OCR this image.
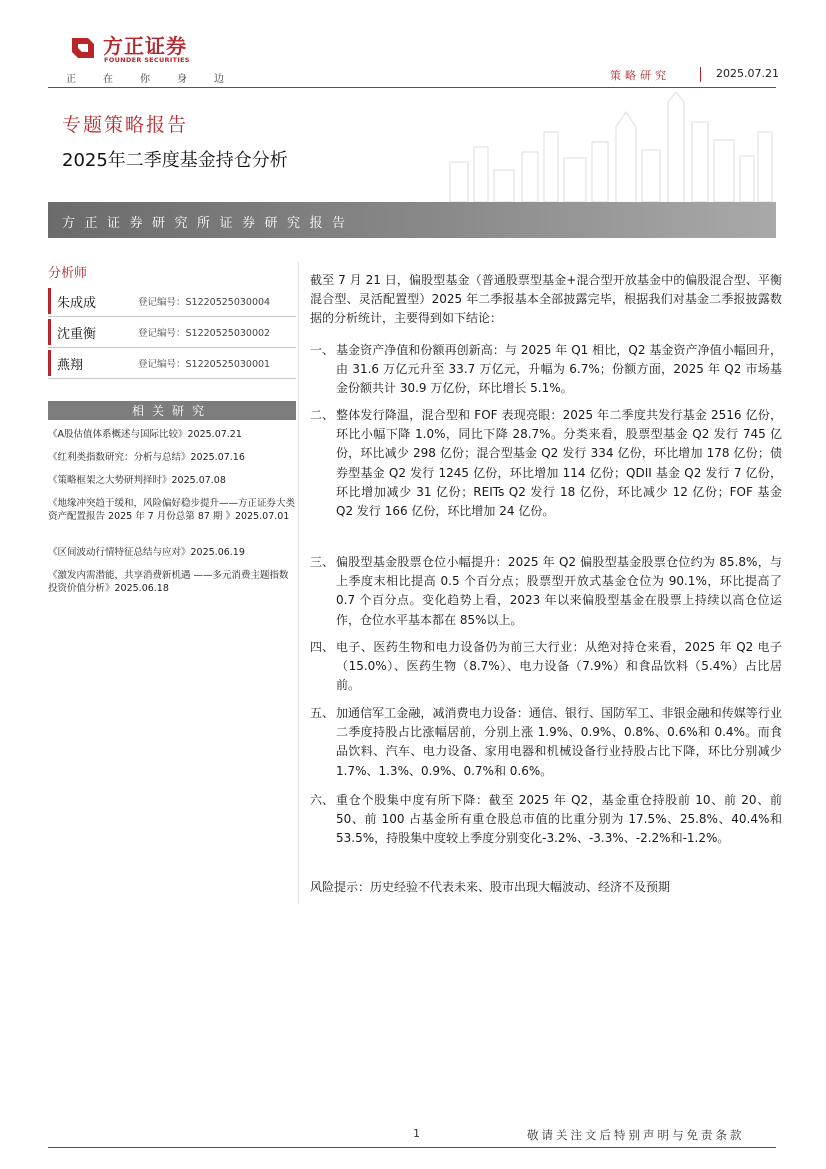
方正证券
FOUNDER SECURITIES
正在你身边	策略研究	2025.07.21
专题策略报告
2025年二季度基金持仓分析
方正证券研究所证券研究报告
分析师
朱成成	登记编号：S1220525030004
沈重衡	登记编号：S1220525030002
燕翔	登记编号：S1220525030001
相关研究
《A股估值体系概述与国际比较》2025.07.21
《红利类指数研究：分析与总结》2025.07.16
《策略框架之大势研判择时》2025.07.08
《地缘冲突趋于缓和，风险偏好稳步提升——方正证券大类资产配置报告 2025 年 7 月份总第 87 期 》2025.07.01
《区间波动行情特征总结与应对》2025.06.19
《激发内需潜能，共享消费新机遇 ——多元消费主题指数投资价值分析》2025.06.18
截至 7 月 21 日，偏股型基金（普通股票型基金+混合型开放基金中的偏股混合型、平衡混合型、灵活配置型）2025 年二季报基本全部披露完毕，根据我们对基金二季报披露数据的分析统计，主要得到如下结论：
一、 基金资产净值和份额再创新高：与 2025 年 Q1 相比，Q2 基金资产净值小幅回升，由 31.6 万亿元升至 33.7 万亿元，升幅为 6.7%；份额方面，2025 年 Q2 市场基金份额共计 30.9 万亿份，环比增长 5.1%。
二、 整体发行降温，混合型和 FOF 表现亮眼：2025 年二季度共发行基金 2516 亿份，环比小幅下降 1.0%，同比下降 28.7%。分类来看，股票型基金 Q2 发行 745 亿份，环比减少 298 亿份；混合型基金 Q2 发行 334 亿份，环比增加 178 亿份；债券型基金 Q2 发行 1245 亿份，环比增加 114 亿份；QDII 基金 Q2 发行 7 亿份，环比增加减少 31 亿份；REITs Q2 发行 18 亿份，环比减少 12 亿份；FOF 基金 Q2 发行 166 亿份，环比增加 24 亿份。
三、 偏股型基金股票仓位小幅提升：2025 年 Q2 偏股型基金股票仓位约为 85.8%，与上季度末相比提高 0.5 个百分点；股票型开放式基金仓位为 90.1%，环比提高了 0.7 个百分点。变化趋势上看，2023 年以来偏股型基金在股票上持续以高仓位运作，仓位水平基本都在 85%以上。
四、 电子、医药生物和电力设备仍为前三大行业：从绝对持仓来看，2025 年 Q2 电子（15.0%）、医药生物（8.7%）、电力设备（7.9%）和食品饮料（5.4%）占比居前。
五、 加通信军工金融，减消费电力设备：通信、银行、国防军工、非银金融和传媒等行业二季度持股占比涨幅居前，分别上涨 1.9%、0.9%、0.8%、0.6%和 0.4%。而食品饮料、汽车、电力设备、家用电器和机械设备行业持股占比下降，环比分别减少 1.7%、1.3%、0.9%、0.7%和 0.6%。
六、 重仓个股集中度有所下降：截至 2025 年 Q2，基金重仓持股前 10、前 20、前 50、前 100 占基金所有重仓股总市值的比重分别为 17.5%、25.8%、40.4%和 53.5%，持股集中度较上季度分别变化-3.2%、-3.3%、-2.2%和-1.2%。
风险提示：历史经验不代表未来、股市出现大幅波动、经济不及预期
1	敬请关注文后特别声明与免责条款
